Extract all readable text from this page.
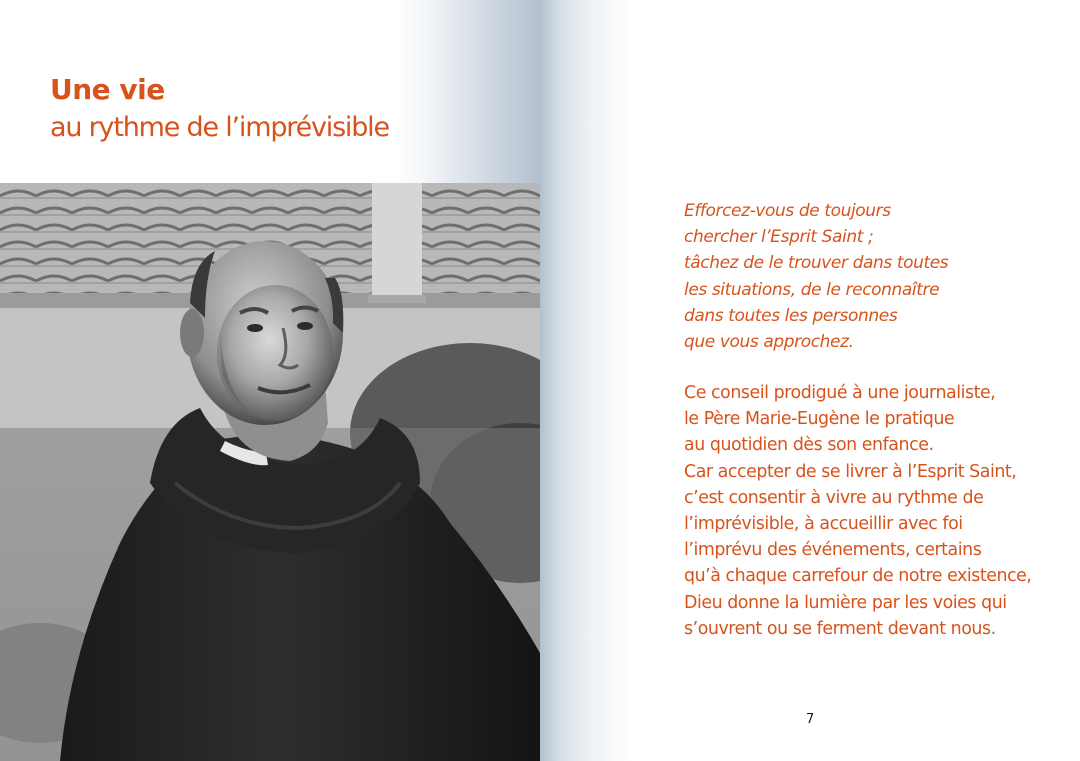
Une vie
au rythme de l’imprévisible

Efforcez-vous de toujours
chercher l’Esprit Saint ;
tâchez de le trouver dans toutes
les situations, de le reconnaître
dans toutes les personnes
que vous approchez.

Ce conseil prodigué à une journaliste,
le Père Marie-Eugène le pratique
au quotidien dès son enfance.
Car accepter de se livrer à l’Esprit Saint,
c’est consentir à vivre au rythme de
l’imprévisible, à accueillir avec foi
l’imprévu des événements, certains
qu’à chaque carrefour de notre existence,
Dieu donne la lumière par les voies qui
s’ouvrent ou se ferment devant nous.

7
